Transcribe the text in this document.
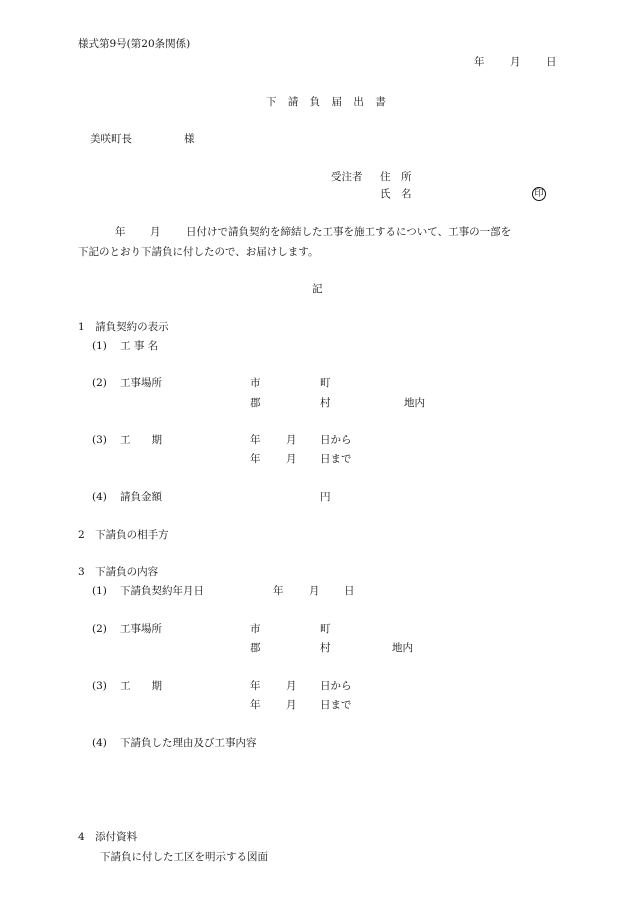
様式第9号(第20条関係)
年 月 日
下 請 負 届 出 書
美咲町長	様
受注者 住　所
氏　名	印
年 月 日付けで請負契約を締結した工事を施工するについて、工事の一部を
下記のとおり下請負に付したので、お届けします。
記
1　請負契約の表示
(1) 工 事 名
(2) 工事場所	市	町
郡	村	地内
(3) 工　　期	年 月 日から
年 月 日まで
(4) 請負金額	円
2　下請負の相手方
3　下請負の内容
(1) 下請負契約年月日	年 月 日
(2) 工事場所	市	町
郡	村	地内
(3) 工　　期	年 月 日から
年 月 日まで
(4) 下請負した理由及び工事内容
4　添付資料
下請負に付した工区を明示する図面
